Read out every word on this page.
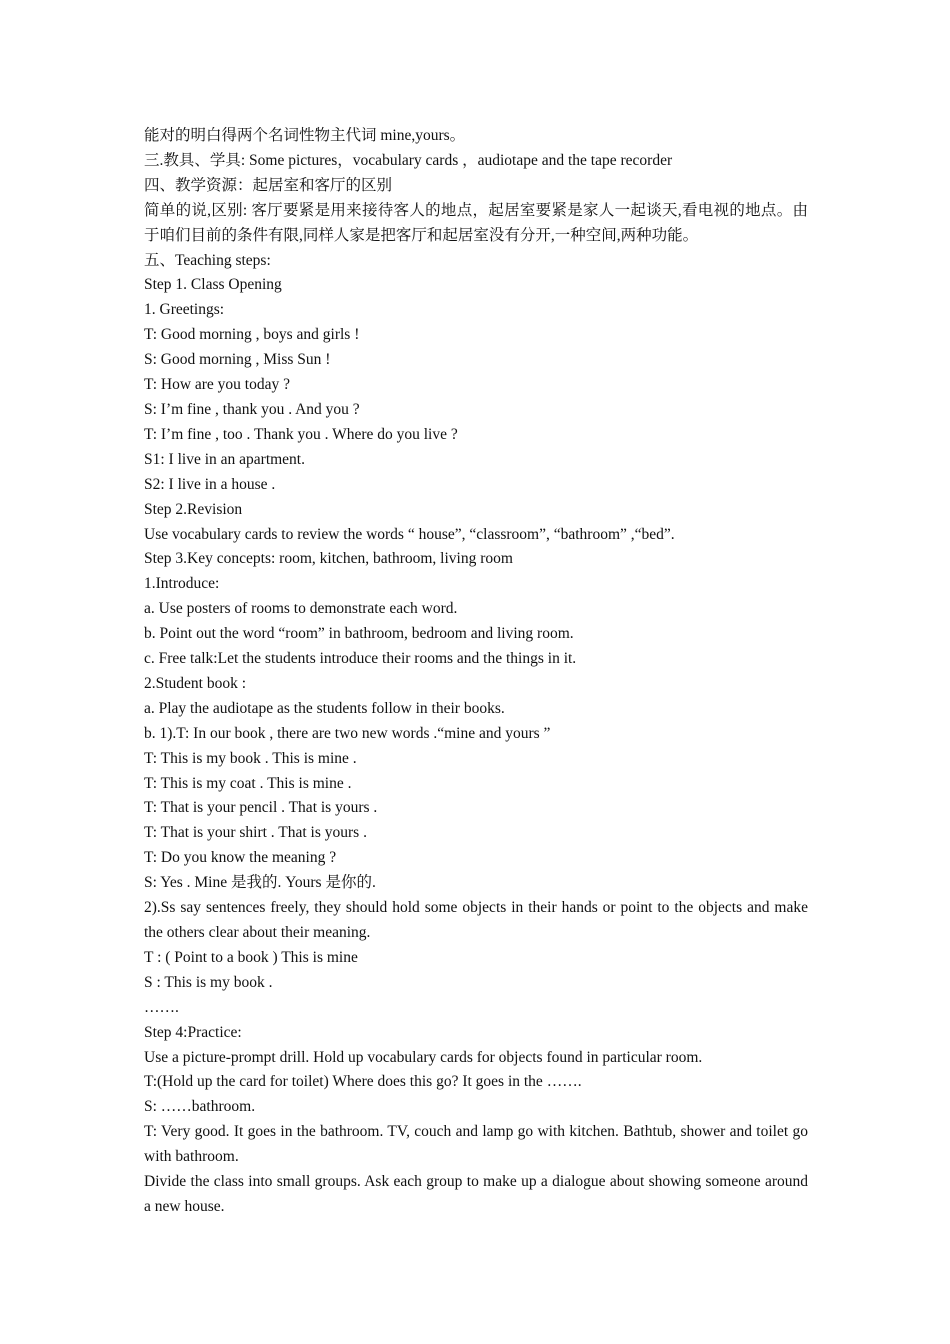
能对的明白得两个名词性物主代词 mine,yours。
三.教具、学具: Some pictures，vocabulary cards ，audiotape and the tape recorder
四、教学资源：起居室和客厅的区别
简单的说,区别: 客厅要紧是用来接待客人的地点，起居室要紧是家人一起谈天,看电视的地点。由于咱们目前的条件有限,同样人家是把客厅和起居室没有分开,一种空间,两种功能。
五、Teaching steps:
Step 1. Class Opening
1. Greetings:
T: Good morning , boys and girls !
S: Good morning , Miss Sun !
T: How are you today ?
S: I’m fine , thank you . And you ?
T: I’m fine , too . Thank you . Where do you live ?
S1: I live in an apartment.
S2: I live in a house .
Step 2.Revision
Use vocabulary cards to review the words “ house”, “classroom”, “bathroom” ,“bed”.
Step 3.Key concepts: room, kitchen, bathroom, living room
1.Introduce:
a. Use posters of rooms to demonstrate each word.
b. Point out the word “room” in bathroom, bedroom and living room.
c. Free talk:Let the students introduce their rooms and the things in it.
2.Student book :
a. Play the audiotape as the students follow in their books.
b. 1).T: In our book , there are two new words .“mine and yours ”
T: This is my book . This is mine .
T: This is my coat . This is mine .
T: That is your pencil . That is yours .
T: That is your shirt . That is yours .
T: Do you know the meaning ?
S: Yes . Mine 是我的. Yours 是你的.
2).Ss say sentences freely, they should hold some objects in their hands or point to the objects and make the others clear about their meaning.
T : ( Point to a book ) This is mine
S : This is my book .
…….
Step 4:Practice:
Use a picture-prompt drill. Hold up vocabulary cards for objects found in particular room.
T:(Hold up the card for toilet) Where does this go? It goes in the …….
S: ……bathroom.
T: Very good. It goes in the bathroom. TV, couch and lamp go with kitchen. Bathtub, shower and toilet go with bathroom.
Divide the class into small groups. Ask each group to make up a dialogue about showing someone around a new house.
